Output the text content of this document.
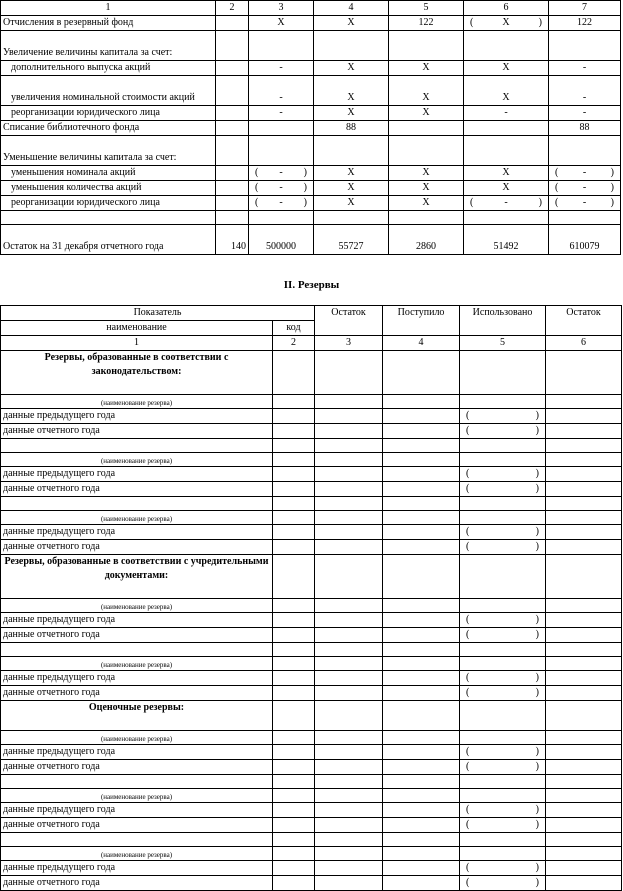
1	2	3	4	5	6	7
Отчисления в резервный фонд		X	X	122	( X )	122
Увеличение величины капитала за счет:						
дополнительного выпуска акций		-	X	X	X	-
увеличения номинальной стоимости акций		-	X	X	X	-
реорганизации юридического лица		-	X	X	-	-
Списание библиотечного фонда			88			88
Уменьшение величины капитала за счет:						
уменьшения номинала акций		( - )	X	X	X	( - )

уменьшения количества акций		( - )	X	X	X	( - )

реорганизации юридического лица		( - )	X	X	( - )	( - )

Остаток на 31 декабря отчетного года	140	500000	55727	2860	51492	610079
II. Резервы
Показатель		Остаток	Поступило	Использовано	Остаток
наименование	код				
1	2	3	4	5	6
Резервы, образованные в соответствии с законодательством:					
(наименование резерва)					
данные предыдущего года				( )	

данные отчетного года				( )	

(наименование резерва)					
данные предыдущего года				( )	

данные отчетного года				( )	

(наименование резерва)					
данные предыдущего года				( )	

данные отчетного года				( )	

Резервы, образованные в соответствии с учредительными документами:					
(наименование резерва)					
данные предыдущего года				( )	

данные отчетного года				( )	

(наименование резерва)					
данные предыдущего года				( )	

данные отчетного года				( )	

Оценочные резервы:					
(наименование резерва)					
данные предыдущего года				( )	

данные отчетного года				( )	

(наименование резерва)					
данные предыдущего года				( )	

данные отчетного года				( )	

(наименование резерва)					
данные предыдущего года				( )	

данные отчетного года				( )	
